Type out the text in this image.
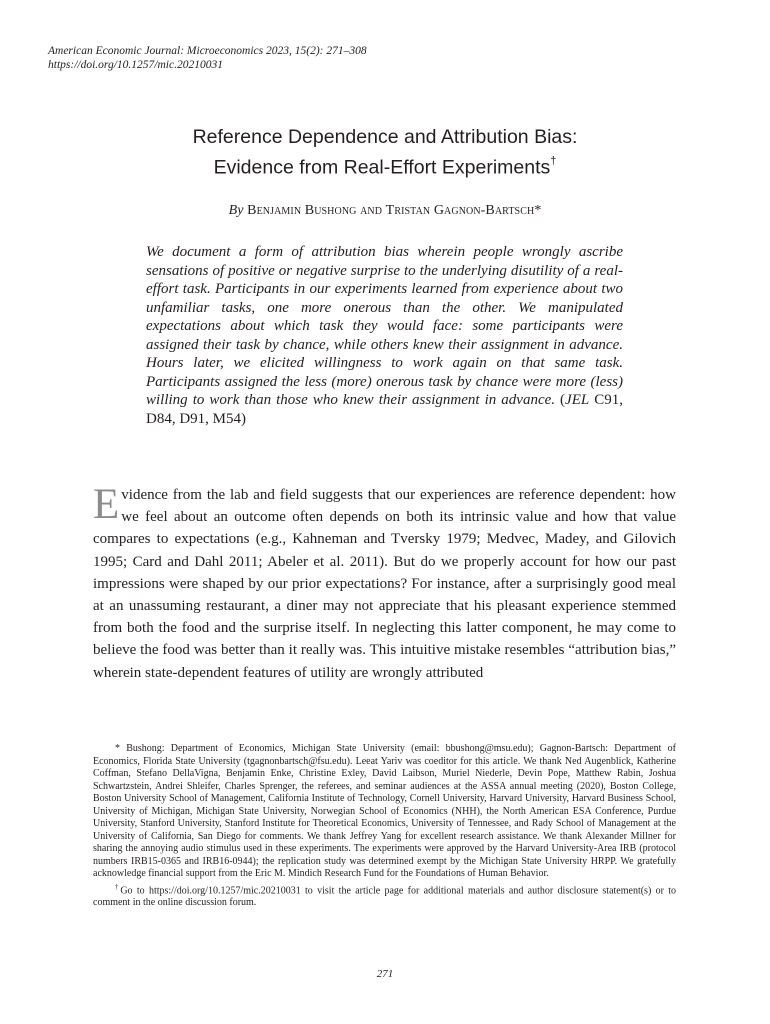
American Economic Journal: Microeconomics 2023, 15(2): 271–308
https://doi.org/10.1257/mic.20210031
Reference Dependence and Attribution Bias:
Evidence from Real-Effort Experiments†
By Benjamin Bushong and Tristan Gagnon-Bartsch*
We document a form of attribution bias wherein people wrongly ascribe sensations of positive or negative surprise to the underlying disutility of a real-effort task. Participants in our experiments learned from experience about two unfamiliar tasks, one more onerous than the other. We manipulated expectations about which task they would face: some participants were assigned their task by chance, while others knew their assignment in advance. Hours later, we elicited willingness to work again on that same task. Participants assigned the less (more) onerous task by chance were more (less) willing to work than those who knew their assignment in advance. (JEL C91, D84, D91, M54)
Evidence from the lab and field suggests that our experiences are reference dependent: how we feel about an outcome often depends on both its intrinsic value and how that value compares to expectations (e.g., Kahneman and Tversky 1979; Medvec, Madey, and Gilovich 1995; Card and Dahl 2011; Abeler et al. 2011). But do we properly account for how our past impressions were shaped by our prior expectations? For instance, after a surprisingly good meal at an unassuming restaurant, a diner may not appreciate that his pleasant experience stemmed from both the food and the surprise itself. In neglecting this latter component, he may come to believe the food was better than it really was. This intuitive mistake resembles “attribution bias,” wherein state-dependent features of utility are wrongly attributed

* Bushong: Department of Economics, Michigan State University (email: bbushong@msu.edu); Gagnon-Bartsch: Department of Economics, Florida State University (tgagnonbartsch@fsu.edu). Leeat Yariv was coeditor for this article. We thank Ned Augenblick, Katherine Coffman, Stefano DellaVigna, Benjamin Enke, Christine Exley, David Laibson, Muriel Niederle, Devin Pope, Matthew Rabin, Joshua Schwartzstein, Andrei Shleifer, Charles Sprenger, the referees, and seminar audiences at the ASSA annual meeting (2020), Boston College, Boston University School of Management, California Institute of Technology, Cornell University, Harvard University, Harvard Business School, University of Michigan, Michigan State University, Norwegian School of Economics (NHH), the North American ESA Conference, Purdue University, Stanford University, Stanford Institute for Theoretical Economics, University of Tennessee, and Rady School of Management at the University of California, San Diego for comments. We thank Jeffrey Yang for excellent research assistance. We thank Alexander Millner for sharing the annoying audio stimulus used in these experiments. The experiments were approved by the Harvard University-Area IRB (protocol numbers IRB15-0365 and IRB16-0944); the replication study was determined exempt by the Michigan State University HRPP. We gratefully acknowledge financial support from the Eric M. Mindich Research Fund for the Foundations of Human Behavior.

†Go to https://doi.org/10.1257/mic.20210031 to visit the article page for additional materials and author disclosure statement(s) or to comment in the online discussion forum.

271
